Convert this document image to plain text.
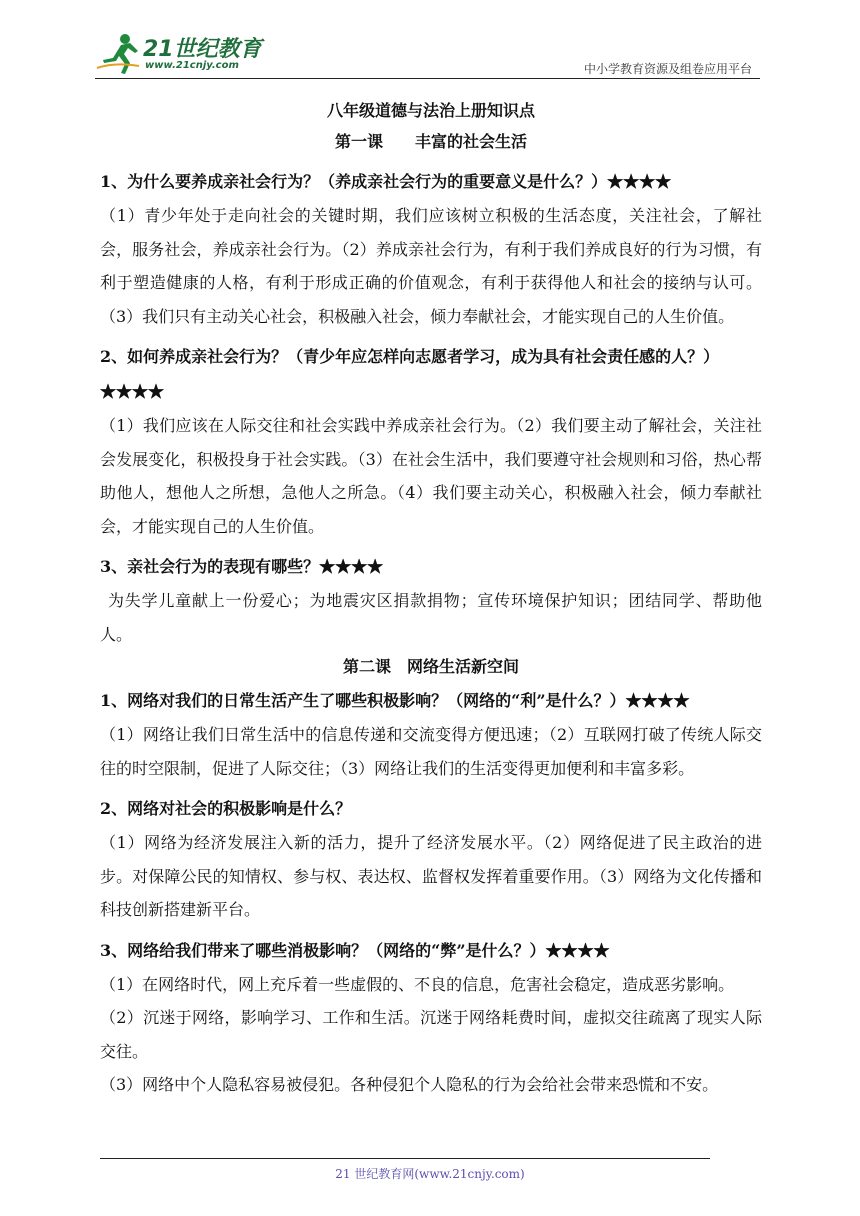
21世纪教育
www.21cnjy.com	中小学教育资源及组卷应用平台
八年级道德与法治上册知识点
第一课　　丰富的社会生活
1、为什么要养成亲社会行为？（养成亲社会行为的重要意义是什么？）★★★★
（1）青少年处于走向社会的关键时期，我们应该树立积极的生活态度，关注社会，了解社会，服务社会，养成亲社会行为。（2）养成亲社会行为，有利于我们养成良好的行为习惯，有利于塑造健康的人格，有利于形成正确的价值观念，有利于获得他人和社会的接纳与认可。（3）我们只有主动关心社会，积极融入社会，倾力奉献社会，才能实现自己的人生价值。
2、如何养成亲社会行为？（青少年应怎样向志愿者学习，成为具有社会责任感的人？）★★★★
（1）我们应该在人际交往和社会实践中养成亲社会行为。（2）我们要主动了解社会，关注社会发展变化，积极投身于社会实践。（3）在社会生活中，我们要遵守社会规则和习俗，热心帮助他人，想他人之所想，急他人之所急。（4）我们要主动关心，积极融入社会，倾力奉献社会，才能实现自己的人生价值。
3、亲社会行为的表现有哪些？★★★★
为失学儿童献上一份爱心；为地震灾区捐款捐物；宣传环境保护知识；团结同学、帮助他人。
第二课　网络生活新空间
1、网络对我们的日常生活产生了哪些积极影响？（网络的“利”是什么？）★★★★
（1）网络让我们日常生活中的信息传递和交流变得方便迅速；（2）互联网打破了传统人际交往的时空限制，促进了人际交往；（3）网络让我们的生活变得更加便利和丰富多彩。
2、网络对社会的积极影响是什么？
（1）网络为经济发展注入新的活力，提升了经济发展水平。（2）网络促进了民主政治的进步。对保障公民的知情权、参与权、表达权、监督权发挥着重要作用。（3）网络为文化传播和科技创新搭建新平台。
3、网络给我们带来了哪些消极影响？（网络的“弊”是什么？）★★★★
（1）在网络时代，网上充斥着一些虚假的、不良的信息，危害社会稳定，造成恶劣影响。
（2）沉迷于网络，影响学习、工作和生活。沉迷于网络耗费时间，虚拟交往疏离了现实人际交往。
（3）网络中个人隐私容易被侵犯。各种侵犯个人隐私的行为会给社会带来恐慌和不安。
21 世纪教育网(www.21cnjy.com)
